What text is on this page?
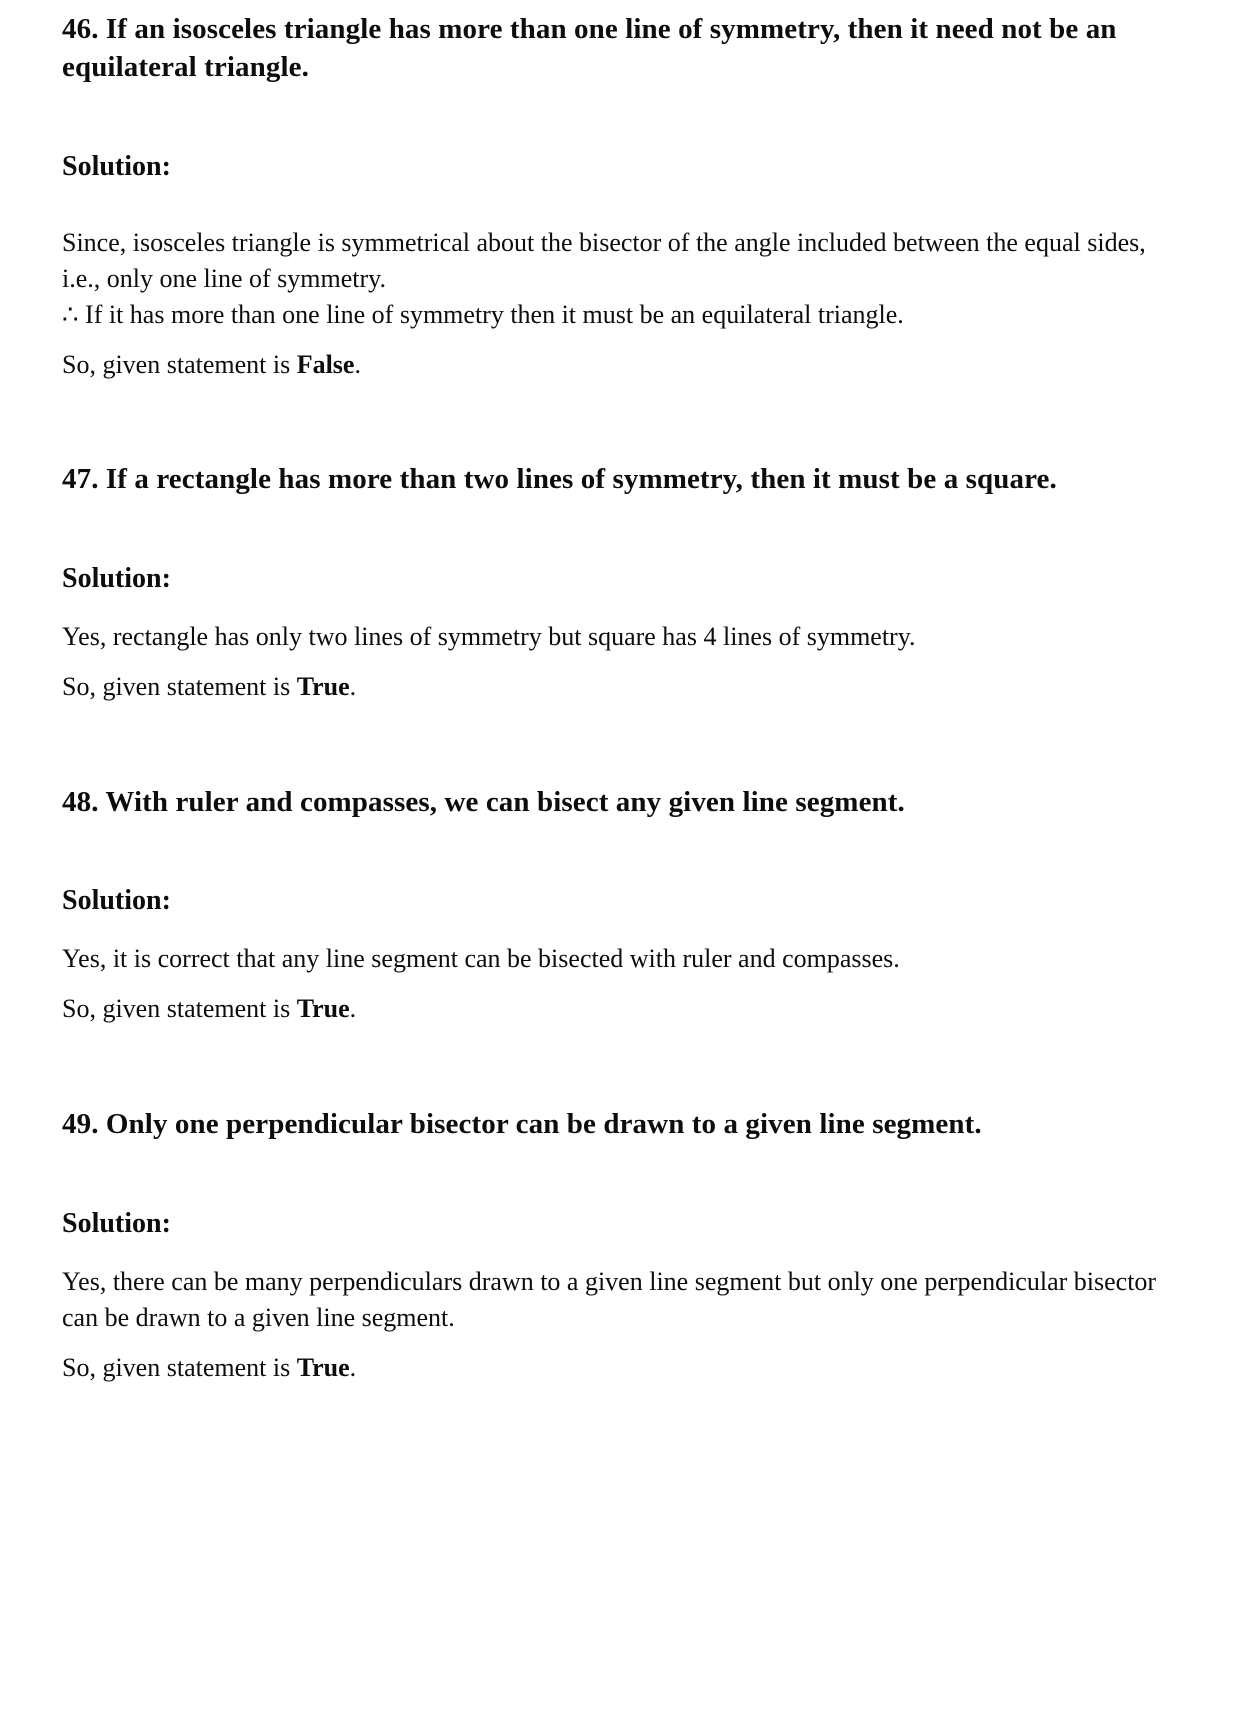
46. If an isosceles triangle has more than one line of symmetry, then it need not be an equilateral triangle.

Solution:

Since, isosceles triangle is symmetrical about the bisector of the angle included between the equal sides, i.e., only one line of symmetry.

∴ If it has more than one line of symmetry then it must be an equilateral triangle.

So, given statement is False.

47. If a rectangle has more than two lines of symmetry, then it must be a square.

Solution:

Yes, rectangle has only two lines of symmetry but square has 4 lines of symmetry.

So, given statement is True.

48. With ruler and compasses, we can bisect any given line segment.

Solution:

Yes, it is correct that any line segment can be bisected with ruler and compasses.

So, given statement is True.

49. Only one perpendicular bisector can be drawn to a given line segment.

Solution:

Yes, there can be many perpendiculars drawn to a given line segment but only one perpendicular bisector can be drawn to a given line segment.

So, given statement is True.
